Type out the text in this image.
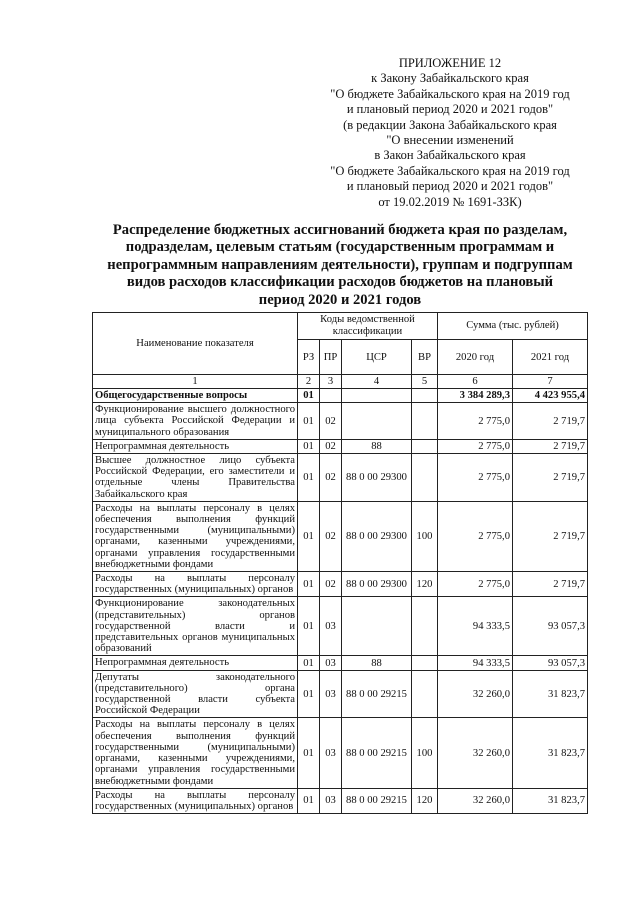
ПРИЛОЖЕНИЕ 12
к Закону Забайкальского края
"О бюджете Забайкальского края на 2019 год
и плановый период 2020 и 2021 годов"
(в редакции Закона Забайкальского края
"О внесении изменений
в Закон Забайкальского края
"О бюджете Забайкальского края на 2019 год
и плановый период 2020 и 2021 годов"
от 19.02.2019 № 1691-ЗЗК)
Распределение бюджетных ассигнований бюджета края по разделам,
подразделам, целевым статьям (государственным программам и
непрограммным направлениям деятельности), группам и подгруппам
видов расходов классификации расходов бюджетов на плановый
период 2020 и 2021 годов
Наименование показателя	Коды ведомственной классификации				Сумма (тыс. рублей)	
	РЗ	ПР	ЦСР	ВР	2020 год	2021 год
1	2	3	4	5	6	7
Общегосударственные вопросы	01				3 384 289,3	4 423 955,4
Функционирование высшего должностного лица субъекта Российской Федерации и муниципального образования	01	02			2 775,0	2 719,7
Непрограммная деятельность	01	02	88		2 775,0	2 719,7
Высшее должностное лицо субъекта Российской Федерации, его заместители и отдельные члены Правительства Забайкальского края	01	02	88 0 00 29300		2 775,0	2 719,7
Расходы на выплаты персоналу в целях обеспечения выполнения функций государственными (муниципальными) органами, казенными учреждениями, органами управления государственными внебюджетными фондами	01	02	88 0 00 29300	100	2 775,0	2 719,7
Расходы на выплаты персоналу государственных (муниципальных) органов	01	02	88 0 00 29300	120	2 775,0	2 719,7
Функционирование законодательных (представительных) органов государственной власти и представительных органов муниципальных образований	01	03			94 333,5	93 057,3
Непрограммная деятельность	01	03	88		94 333,5	93 057,3
Депутаты законодательного (представительного) органа государственной власти субъекта Российской Федерации	01	03	88 0 00 29215		32 260,0	31 823,7
Расходы на выплаты персоналу в целях обеспечения выполнения функций государственными (муниципальными) органами, казенными учреждениями, органами управления государственными внебюджетными фондами	01	03	88 0 00 29215	100	32 260,0	31 823,7
Расходы на выплаты персоналу государственных (муниципальных) органов	01	03	88 0 00 29215	120	32 260,0	31 823,7
